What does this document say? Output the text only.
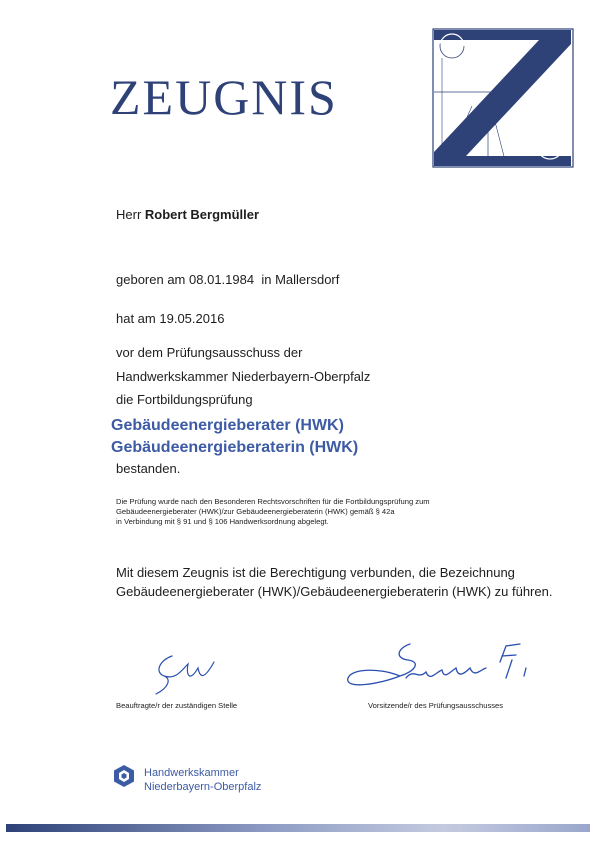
ZEUGNIS
Herr Robert Bergmüller
geboren am 08.01.1984 in Mallersdorf
hat am 19.05.2016
vor dem Prüfungsausschuss der
Handwerkskammer Niederbayern-Oberpfalz
die Fortbildungsprüfung
Gebäudeenergieberater (HWK)
Gebäudeenergieberaterin (HWK)
bestanden.
Die Prüfung wurde nach den Besonderen Rechtsvorschriften für die Fortbildungsprüfung zum
Gebäudeenergieberater (HWK)/zur Gebäudeenergieberaterin (HWK) gemäß § 42a
in Verbindung mit § 91 und § 106 Handwerksordnung abgelegt.
Mit diesem Zeugnis ist die Berechtigung verbunden, die Bezeichnung
Gebäudeenergieberater (HWK)/Gebäudeenergieberaterin (HWK) zu führen.
Beauftragte/r der zuständigen Stelle	Vorsitzende/r des Prüfungsausschusses
Handwerkskammer
Niederbayern-Oberpfalz
